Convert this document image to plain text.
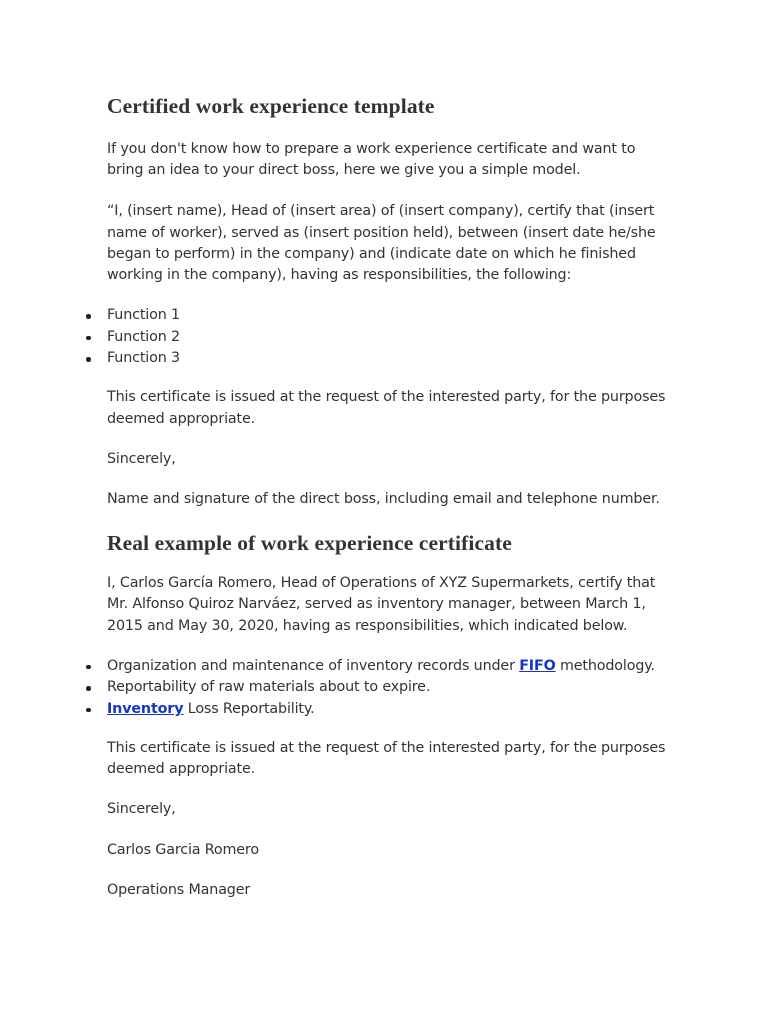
Certified work experience template

If you don't know how to prepare a work experience certificate and want to bring an idea to your direct boss, here we give you a simple model.

“I, (insert name), Head of (insert area) of (insert company), certify that (insert name of worker), served as (insert position held), between (insert date he/she began to perform) in the company) and (indicate date on which he finished working in the company), having as responsibilities, the following:

Function 1
Function 2
Function 3

This certificate is issued at the request of the interested party, for the purposes deemed appropriate.

Sincerely,

Name and signature of the direct boss, including email and telephone number.

Real example of work experience certificate

I, Carlos García Romero, Head of Operations of XYZ Supermarkets, certify that Mr. Alfonso Quiroz Narváez, served as inventory manager, between March 1, 2015 and May 30, 2020, having as responsibilities, which indicated below.

Organization and maintenance of inventory records under FIFO methodology.
Reportability of raw materials about to expire.
Inventory Loss Reportability.

This certificate is issued at the request of the interested party, for the purposes deemed appropriate.

Sincerely,

Carlos Garcia Romero

Operations Manager
